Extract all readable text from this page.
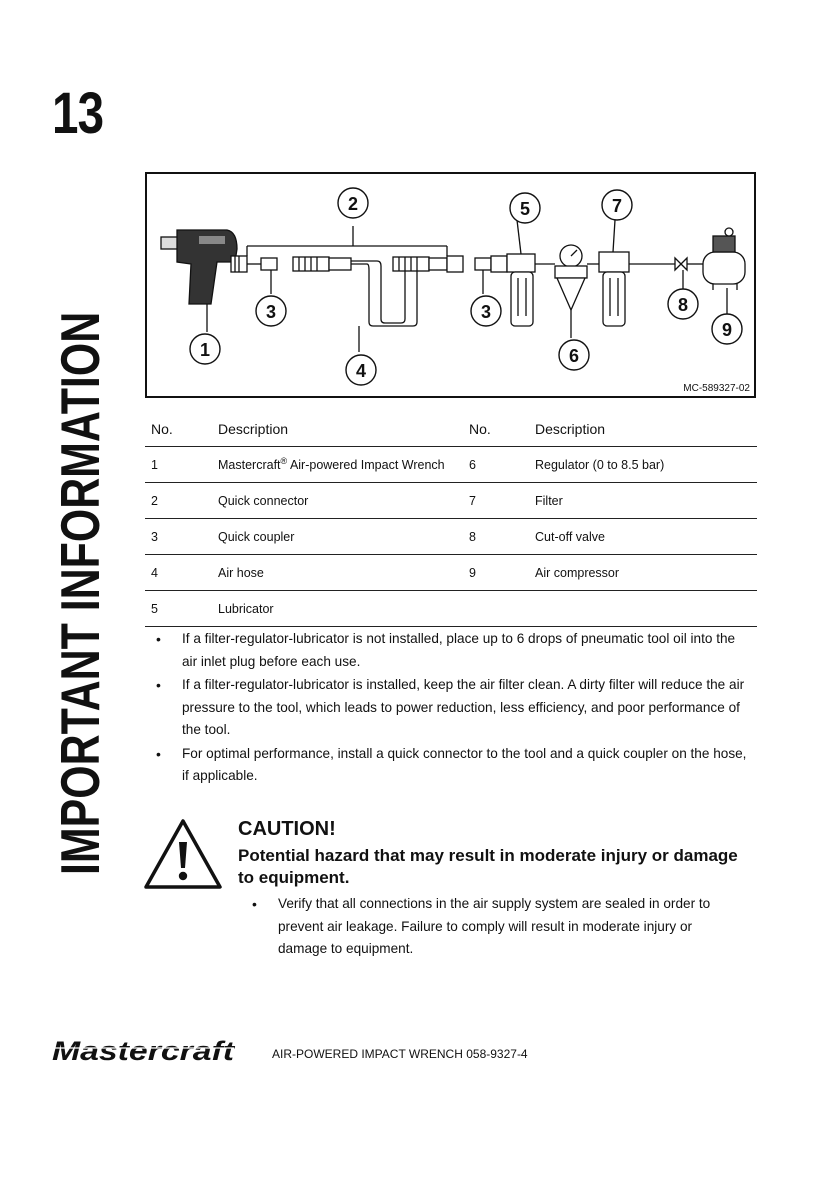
13
IMPORTANT INFORMATION
2	5	7
3	3	8
9
1	6
4
MC-589327-02
No.	Description	No.	Description
1	Mastercraft® Air-powered Impact Wrench	6	Regulator (0 to 8.5 bar)
2	Quick connector	7	Filter
3	Quick coupler	8	Cut-off valve
4	Air hose	9	Air compressor
5	Lubricator		
• If a filter-regulator-lubricator is not installed, place up to 6 drops of pneumatic tool oil into the air inlet plug before each use.
• If a filter-regulator-lubricator is installed, keep the air filter clean. A dirty filter will reduce the air pressure to the tool, which leads to power reduction, less efficiency, and poor performance of the tool.
• For optimal performance, install a quick connector to the tool and a quick coupler on the hose, if applicable.
CAUTION!
Potential hazard that may result in moderate injury or damage to equipment.
• Verify that all connections in the air supply system are sealed in order to prevent air leakage. Failure to comply will result in moderate injury or damage to equipment.
Mastercraft	AIR-POWERED IMPACT WRENCH 058-9327-4
